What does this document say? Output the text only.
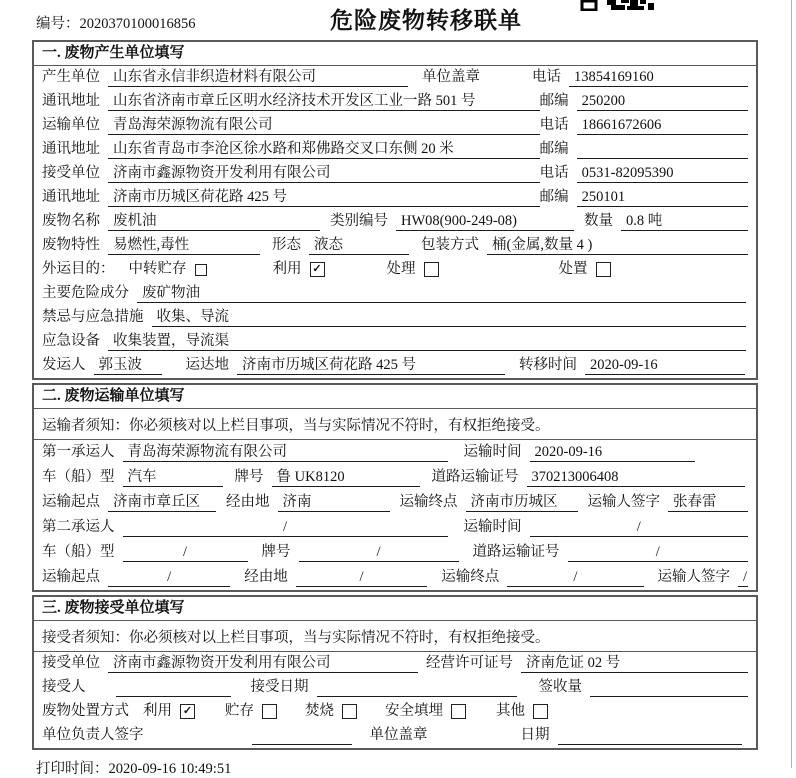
编号：2020370100016856	危险废物转移联单
一. 废物产生单位填写
产生单位 山东省永信非织造材料有限公司	单位盖章	电话 13854169160
通讯地址 山东省济南市章丘区明水经济技术开发区工业一路 501 号	邮编 250200
运输单位 青岛海荣源物流有限公司	电话 18661672606
通讯地址 山东省青岛市李沧区徐水路和郑佛路交叉口东侧 20 米	邮编
接受单位 济南市鑫源物资开发利用有限公司	电话 0531-82095390
通讯地址 济南市历城区荷花路 425 号	邮编 250101
废物名称 废机油	类别编号 HW08(900-249-08)	数量 0.8 吨
废物特性 易燃性,毒性	形态 液态	包装方式 桶(金属,数量 4 )
外运目的： 中转贮存	利用 ✓	处理	处置
主要危险成分 废矿物油
禁忌与应急措施 收集、导流
应急设备 收集装置，导流渠
发运人 郭玉波	运达地 济南市历城区荷花路 425 号	转移时间 2020-09-16
二. 废物运输单位填写
运输者须知：你必须核对以上栏目事项，当与实际情况不符时，有权拒绝接受。
第一承运人 青岛海荣源物流有限公司	运输时间 2020-09-16
车（船）型 汽车	牌号 鲁 UK8120	道路运输证号 370213006408
运输起点 济南市章丘区	经由地 济南	运输终点 济南市历城区	运输人签字 张春雷
第二承运人	/	运输时间	/
车（船）型	/	牌号	/	道路运输证号	/
运输起点	/	经由地	/	运输终点	/	运输人签字 /
三. 废物接受单位填写
接受者须知：你必须核对以上栏目事项，当与实际情况不符时，有权拒绝接受。
接受单位 济南市鑫源物资开发利用有限公司	经营许可证号 济南危证 02 号
接受人	接受日期	签收量
废物处置方式 利用 ✓ 贮存	焚烧	安全填埋	其他
单位负责人签字	单位盖章	日期
打印时间：2020-09-16 10:49:51
